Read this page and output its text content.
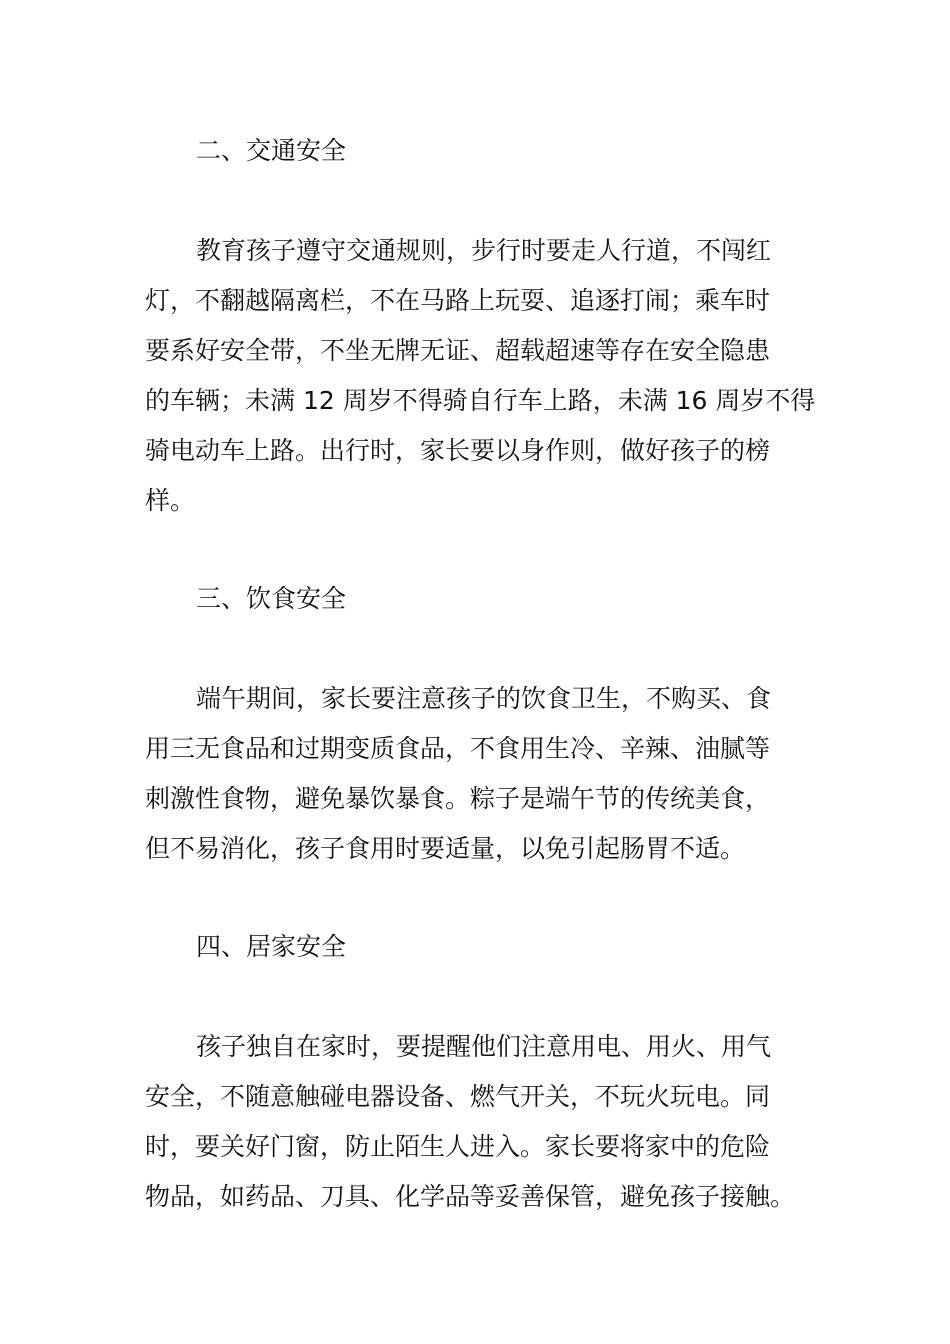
二、交通安全

教育孩子遵守交通规则，步行时要走人行道，不闯红

灯，不翻越隔离栏，不在马路上玩耍、追逐打闹；乘车时

要系好安全带，不坐无牌无证、超载超速等存在安全隐患

的车辆；未满 12 周岁不得骑自行车上路，未满 16 周岁不得

骑电动车上路。出行时，家长要以身作则，做好孩子的榜

样。

三、饮食安全

端午期间，家长要注意孩子的饮食卫生，不购买、食

用三无食品和过期变质食品，不食用生冷、辛辣、油腻等

刺激性食物，避免暴饮暴食。粽子是端午节的传统美食，

但不易消化，孩子食用时要适量，以免引起肠胃不适。

四、居家安全

孩子独自在家时，要提醒他们注意用电、用火、用气

安全，不随意触碰电器设备、燃气开关，不玩火玩电。同

时，要关好门窗，防止陌生人进入。家长要将家中的危险

物品，如药品、刀具、化学品等妥善保管，避免孩子接触。
